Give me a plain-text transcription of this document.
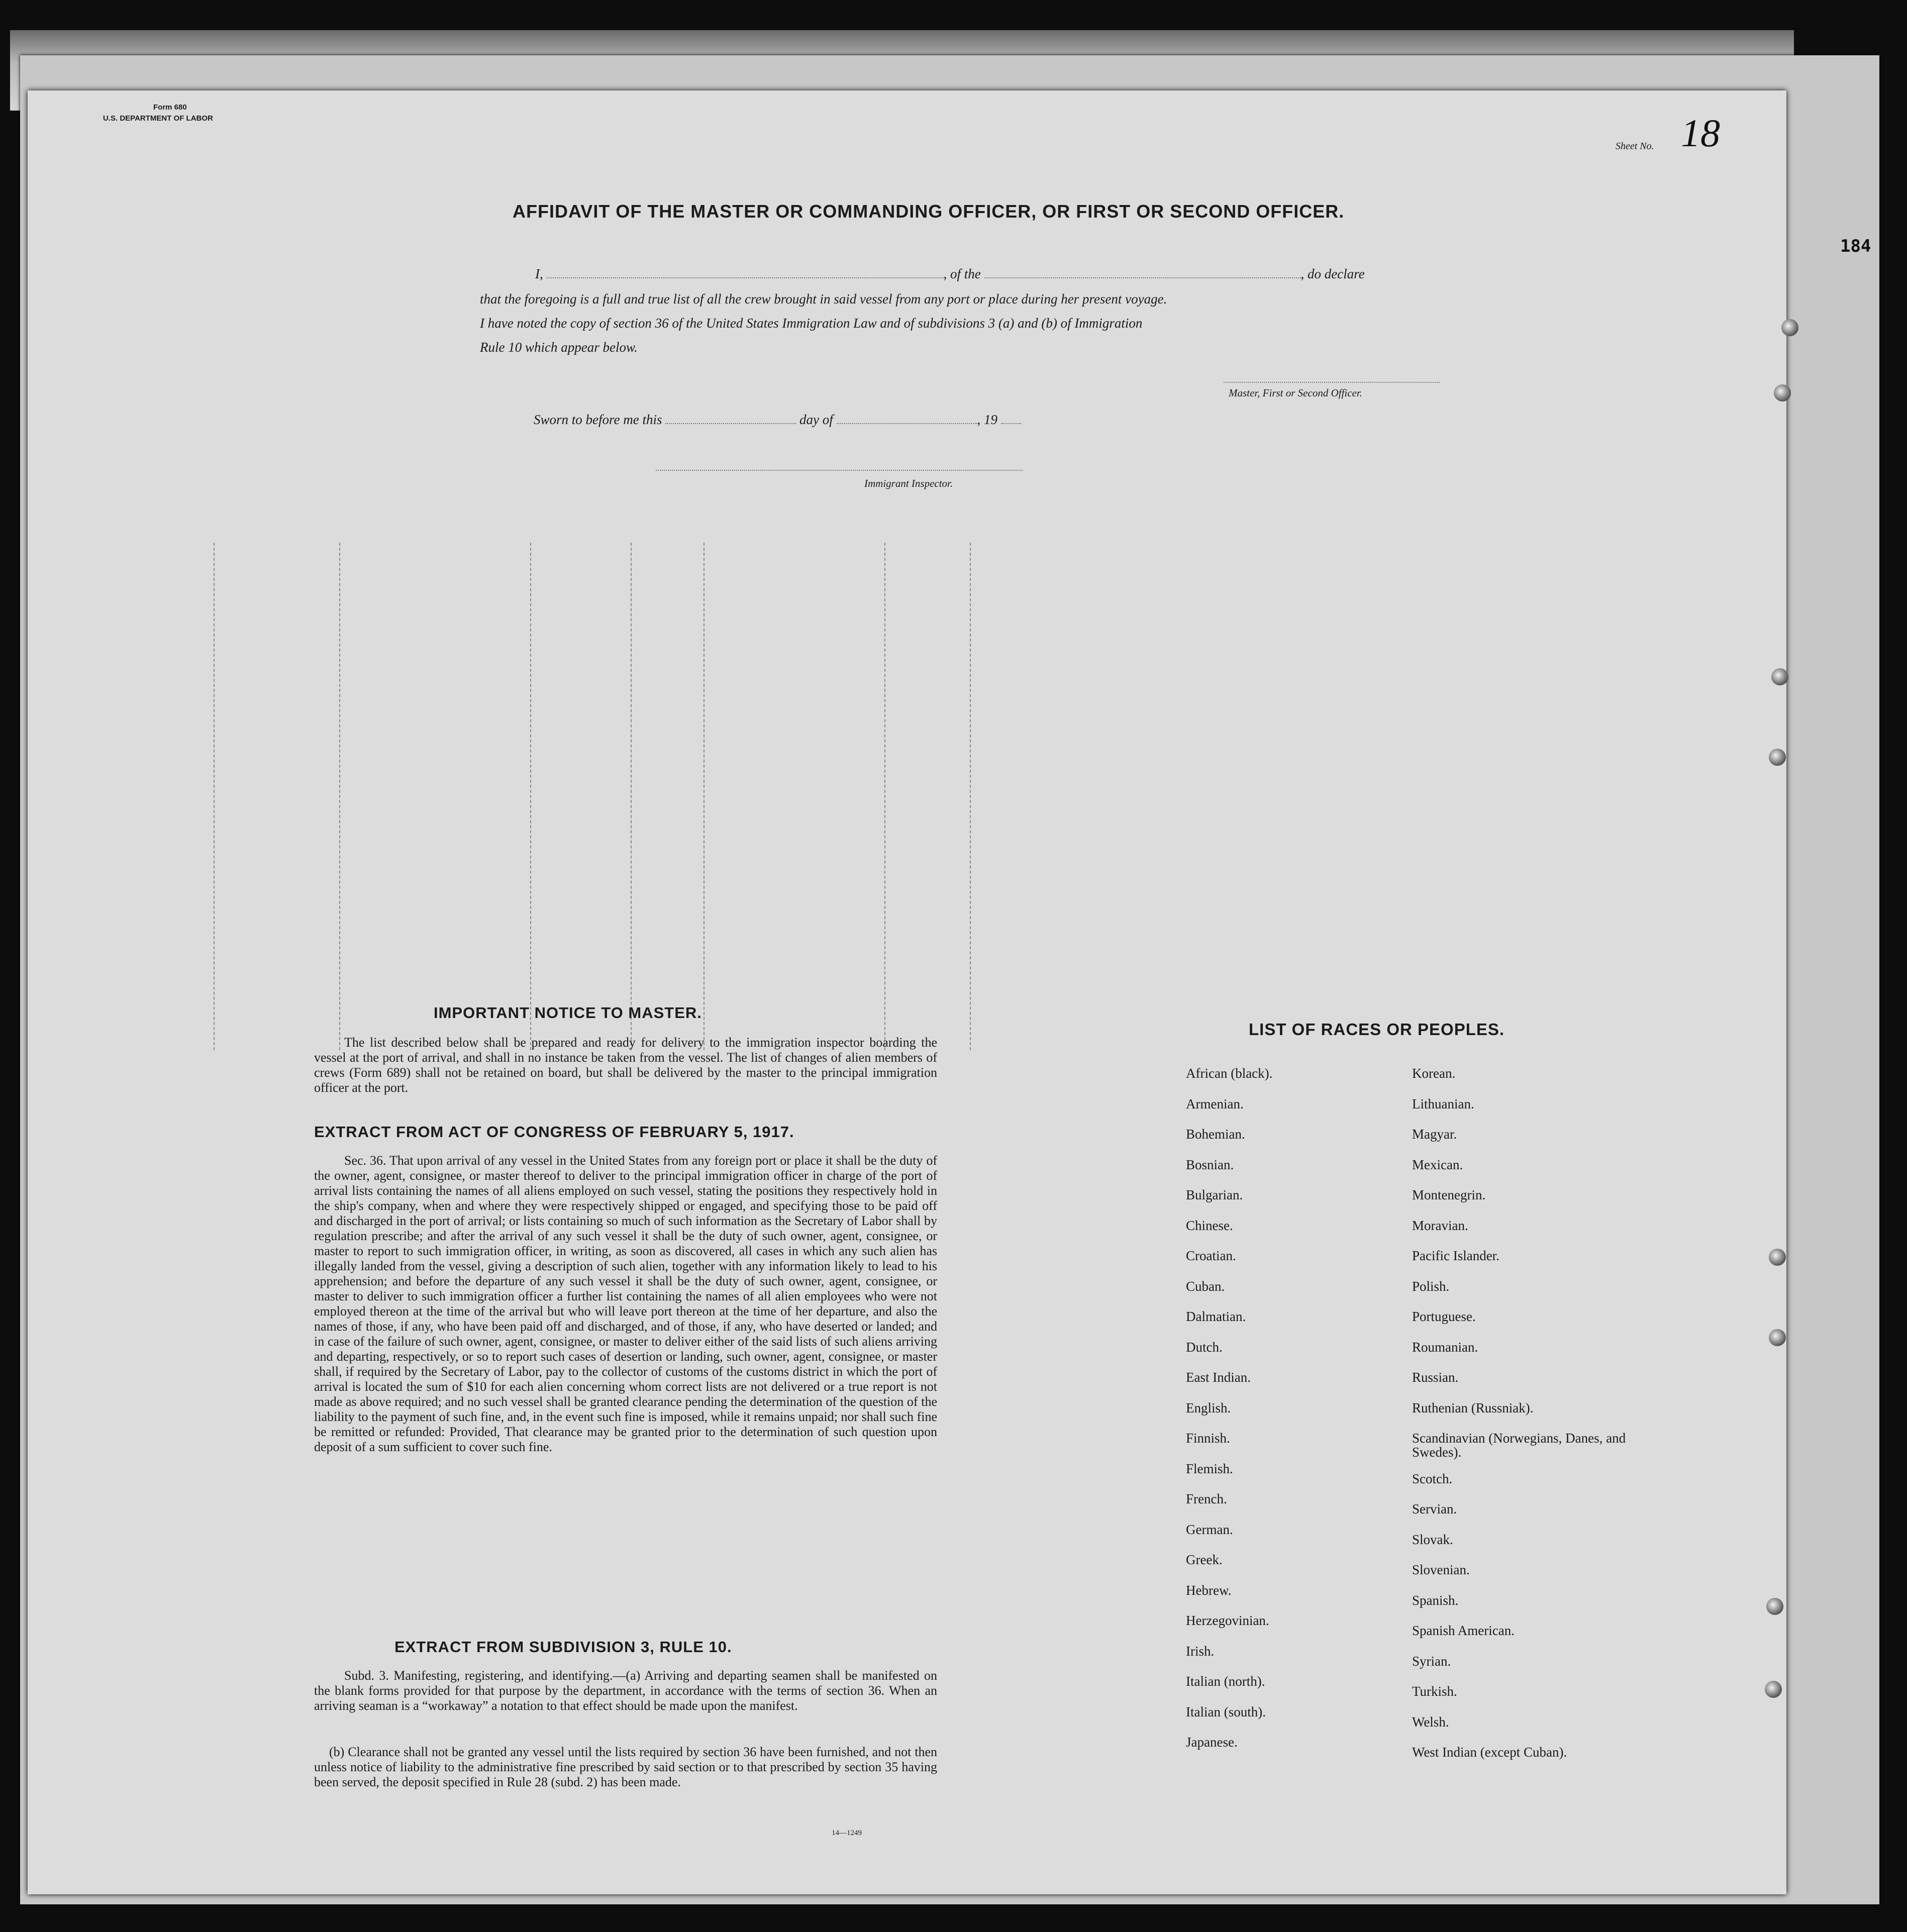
Form 680
U.S. DEPARTMENT OF LABOR
Sheet No. 18
AFFIDAVIT OF THE MASTER OR COMMANDING OFFICER, OR FIRST OR SECOND OFFICER.
I,	, of the	, do declare
that the foregoing is a full and true list of all the crew brought in said vessel from any port or place during her present voyage.
I have noted the copy of section 36 of the United States Immigration Law and of subdivisions 3 (a) and (b) of Immigration
Rule 10 which appear below.
Master, First or Second Officer.
Sworn to before me this	day of	, 19
Immigrant Inspector.
IMPORTANT NOTICE TO MASTER.
The list described below shall be prepared and ready for delivery to the immigration inspector boarding the vessel at the port of arrival, and shall in no instance be taken from the vessel. The list of changes of alien members of crews (Form 689) shall not be retained on board, but shall be delivered by the master to the principal immigration officer at the port.
EXTRACT FROM ACT OF CONGRESS OF FEBRUARY 5, 1917.
Sec. 36. That upon arrival of any vessel in the United States from any foreign port or place it shall be the duty of the owner, agent, consignee, or master thereof to deliver to the principal immigration officer in charge of the port of arrival lists containing the names of all aliens employed on such vessel, stating the positions they respectively hold in the ship's company, when and where they were respectively shipped or engaged, and specifying those to be paid off and discharged in the port of arrival; or lists containing so much of such information as the Secretary of Labor shall by regulation prescribe; and after the arrival of any such vessel it shall be the duty of such owner, agent, consignee, or master to report to such immigration officer, in writing, as soon as discovered, all cases in which any such alien has illegally landed from the vessel, giving a description of such alien, together with any information likely to lead to his apprehension; and before the departure of any such vessel it shall be the duty of such owner, agent, consignee, or master to deliver to such immigration officer a further list containing the names of all alien employees who were not employed thereon at the time of the arrival but who will leave port thereon at the time of her departure, and also the names of those, if any, who have been paid off and discharged, and of those, if any, who have deserted or landed; and in case of the failure of such owner, agent, consignee, or master to deliver either of the said lists of such aliens arriving and departing, respectively, or so to report such cases of desertion or landing, such owner, agent, consignee, or master shall, if required by the Secretary of Labor, pay to the collector of customs of the customs district in which the port of arrival is located the sum of $10 for each alien concerning whom correct lists are not delivered or a true report is not made as above required; and no such vessel shall be granted clearance pending the determination of the question of the liability to the payment of such fine, and, in the event such fine is imposed, while it remains unpaid; nor shall such fine be remitted or refunded: Provided, That clearance may be granted prior to the determination of such question upon deposit of a sum sufficient to cover such fine.
EXTRACT FROM SUBDIVISION 3, RULE 10.
Subd. 3. Manifesting, registering, and identifying.—(a) Arriving and departing seamen shall be manifested on the blank forms provided for that purpose by the department, in accordance with the terms of section 36. When an arriving seaman is a “workaway” a notation to that effect should be made upon the manifest.
(b) Clearance shall not be granted any vessel until the lists required by section 36 have been furnished, and not then unless notice of liability to the administrative fine prescribed by said section or to that prescribed by section 35 having been served, the deposit specified in Rule 28 (subd. 2) has been made.
14—1249
LIST OF RACES OR PEOPLES.
African (black).
Armenian.
Bohemian.
Bosnian.
Bulgarian.
Chinese.
Croatian.
Cuban.
Dalmatian.
Dutch.
East Indian.
English.
Finnish.
Flemish.
French.
German.
Greek.
Hebrew.
Herzegovinian.
Irish.
Italian (north).
Italian (south).
Japanese.
Korean.
Lithuanian.
Magyar.
Mexican.
Montenegrin.
Moravian.
Pacific Islander.
Polish.
Portuguese.
Roumanian.
Russian.
Ruthenian (Russniak).
Scandinavian (Norwegians, Danes, and Swedes).
Scotch.
Servian.
Slovak.
Slovenian.
Spanish.
Spanish American.
Syrian.
Turkish.
Welsh.
West Indian (except Cuban).
184
